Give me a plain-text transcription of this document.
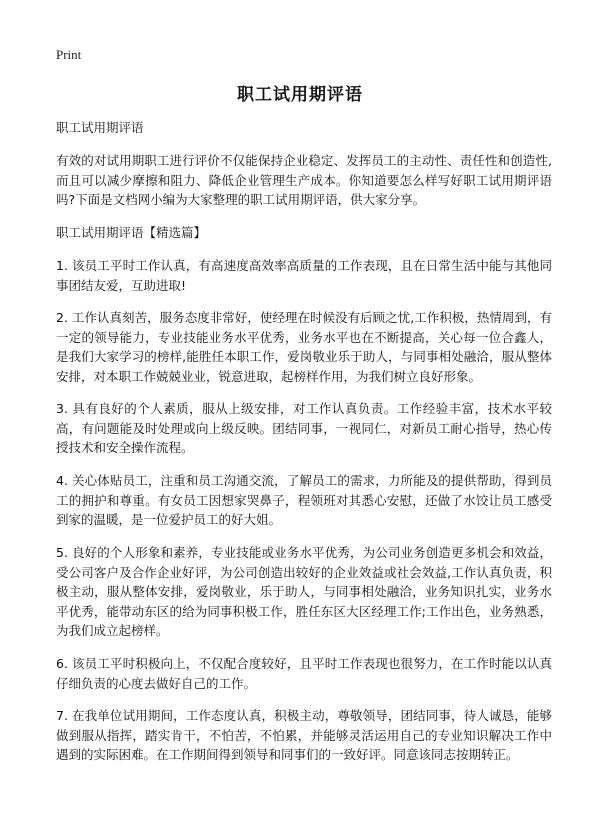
Print
职工试用期评语

职工试用期评语

有效的对试用期职工进行评价不仅能保持企业稳定、发挥员工的主动性、责任性和创造性,而且可以减少摩擦和阻力、降低企业管理生产成本。你知道要怎么样写好职工试用期评语吗?下面是文档网小编为大家整理的职工试用期评语，供大家分享。

职工试用期评语【精选篇】

1. 该员工平时工作认真，有高速度高效率高质量的工作表现，且在日常生活中能与其他同事团结友爱，互助进取!

2. 工作认真刻苦，服务态度非常好，使经理在时候没有后顾之忧,工作积极，热情周到，有一定的领导能力，专业技能业务水平优秀，业务水平也在不断提高，关心每一位合鑫人，是我们大家学习的榜样,能胜任本职工作，爱岗敬业乐于助人，与同事相处融洽，服从整体安排，对本职工作兢兢业业，锐意进取，起榜样作用，为我们树立良好形象。

3. 具有良好的个人素质，服从上级安排，对工作认真负责。工作经验丰富，技术水平较高，有问题能及时处理或向上级反映。团结同事，一视同仁，对新员工耐心指导，热心传授技术和安全操作流程。

4. 关心体贴员工，注重和员工沟通交流，了解员工的需求，力所能及的提供帮助，得到员工的拥护和尊重。有女员工因想家哭鼻子，程领班对其悉心安慰，还做了水饺让员工感受到家的温暖，是一位爱护员工的好大姐。

5. 良好的个人形象和素养，专业技能或业务水平优秀，为公司业务创造更多机会和效益，受公司客户及合作企业好评，为公司创造出较好的企业效益或社会效益,工作认真负责，积极主动，服从整体安排，爱岗敬业，乐于助人，与同事相处融洽，业务知识扎实，业务水平优秀，能带动东区的给为同事积极工作，胜任东区大区经理工作;工作出色，业务熟悉，为我们成立起榜样。

6. 该员工平时积极向上，不仅配合度较好，且平时工作表现也很努力，在工作时能以认真仔细负责的心度去做好自己的工作。

7. 在我单位试用期间，工作态度认真，积极主动，尊敬领导，团结同事，待人诚恳，能够做到服从指挥，踏实肯干，不怕苦，不怕累，并能够灵活运用自己的专业知识解决工作中遇到的实际困难。在工作期间得到领导和同事们的一致好评。同意该同志按期转正。
